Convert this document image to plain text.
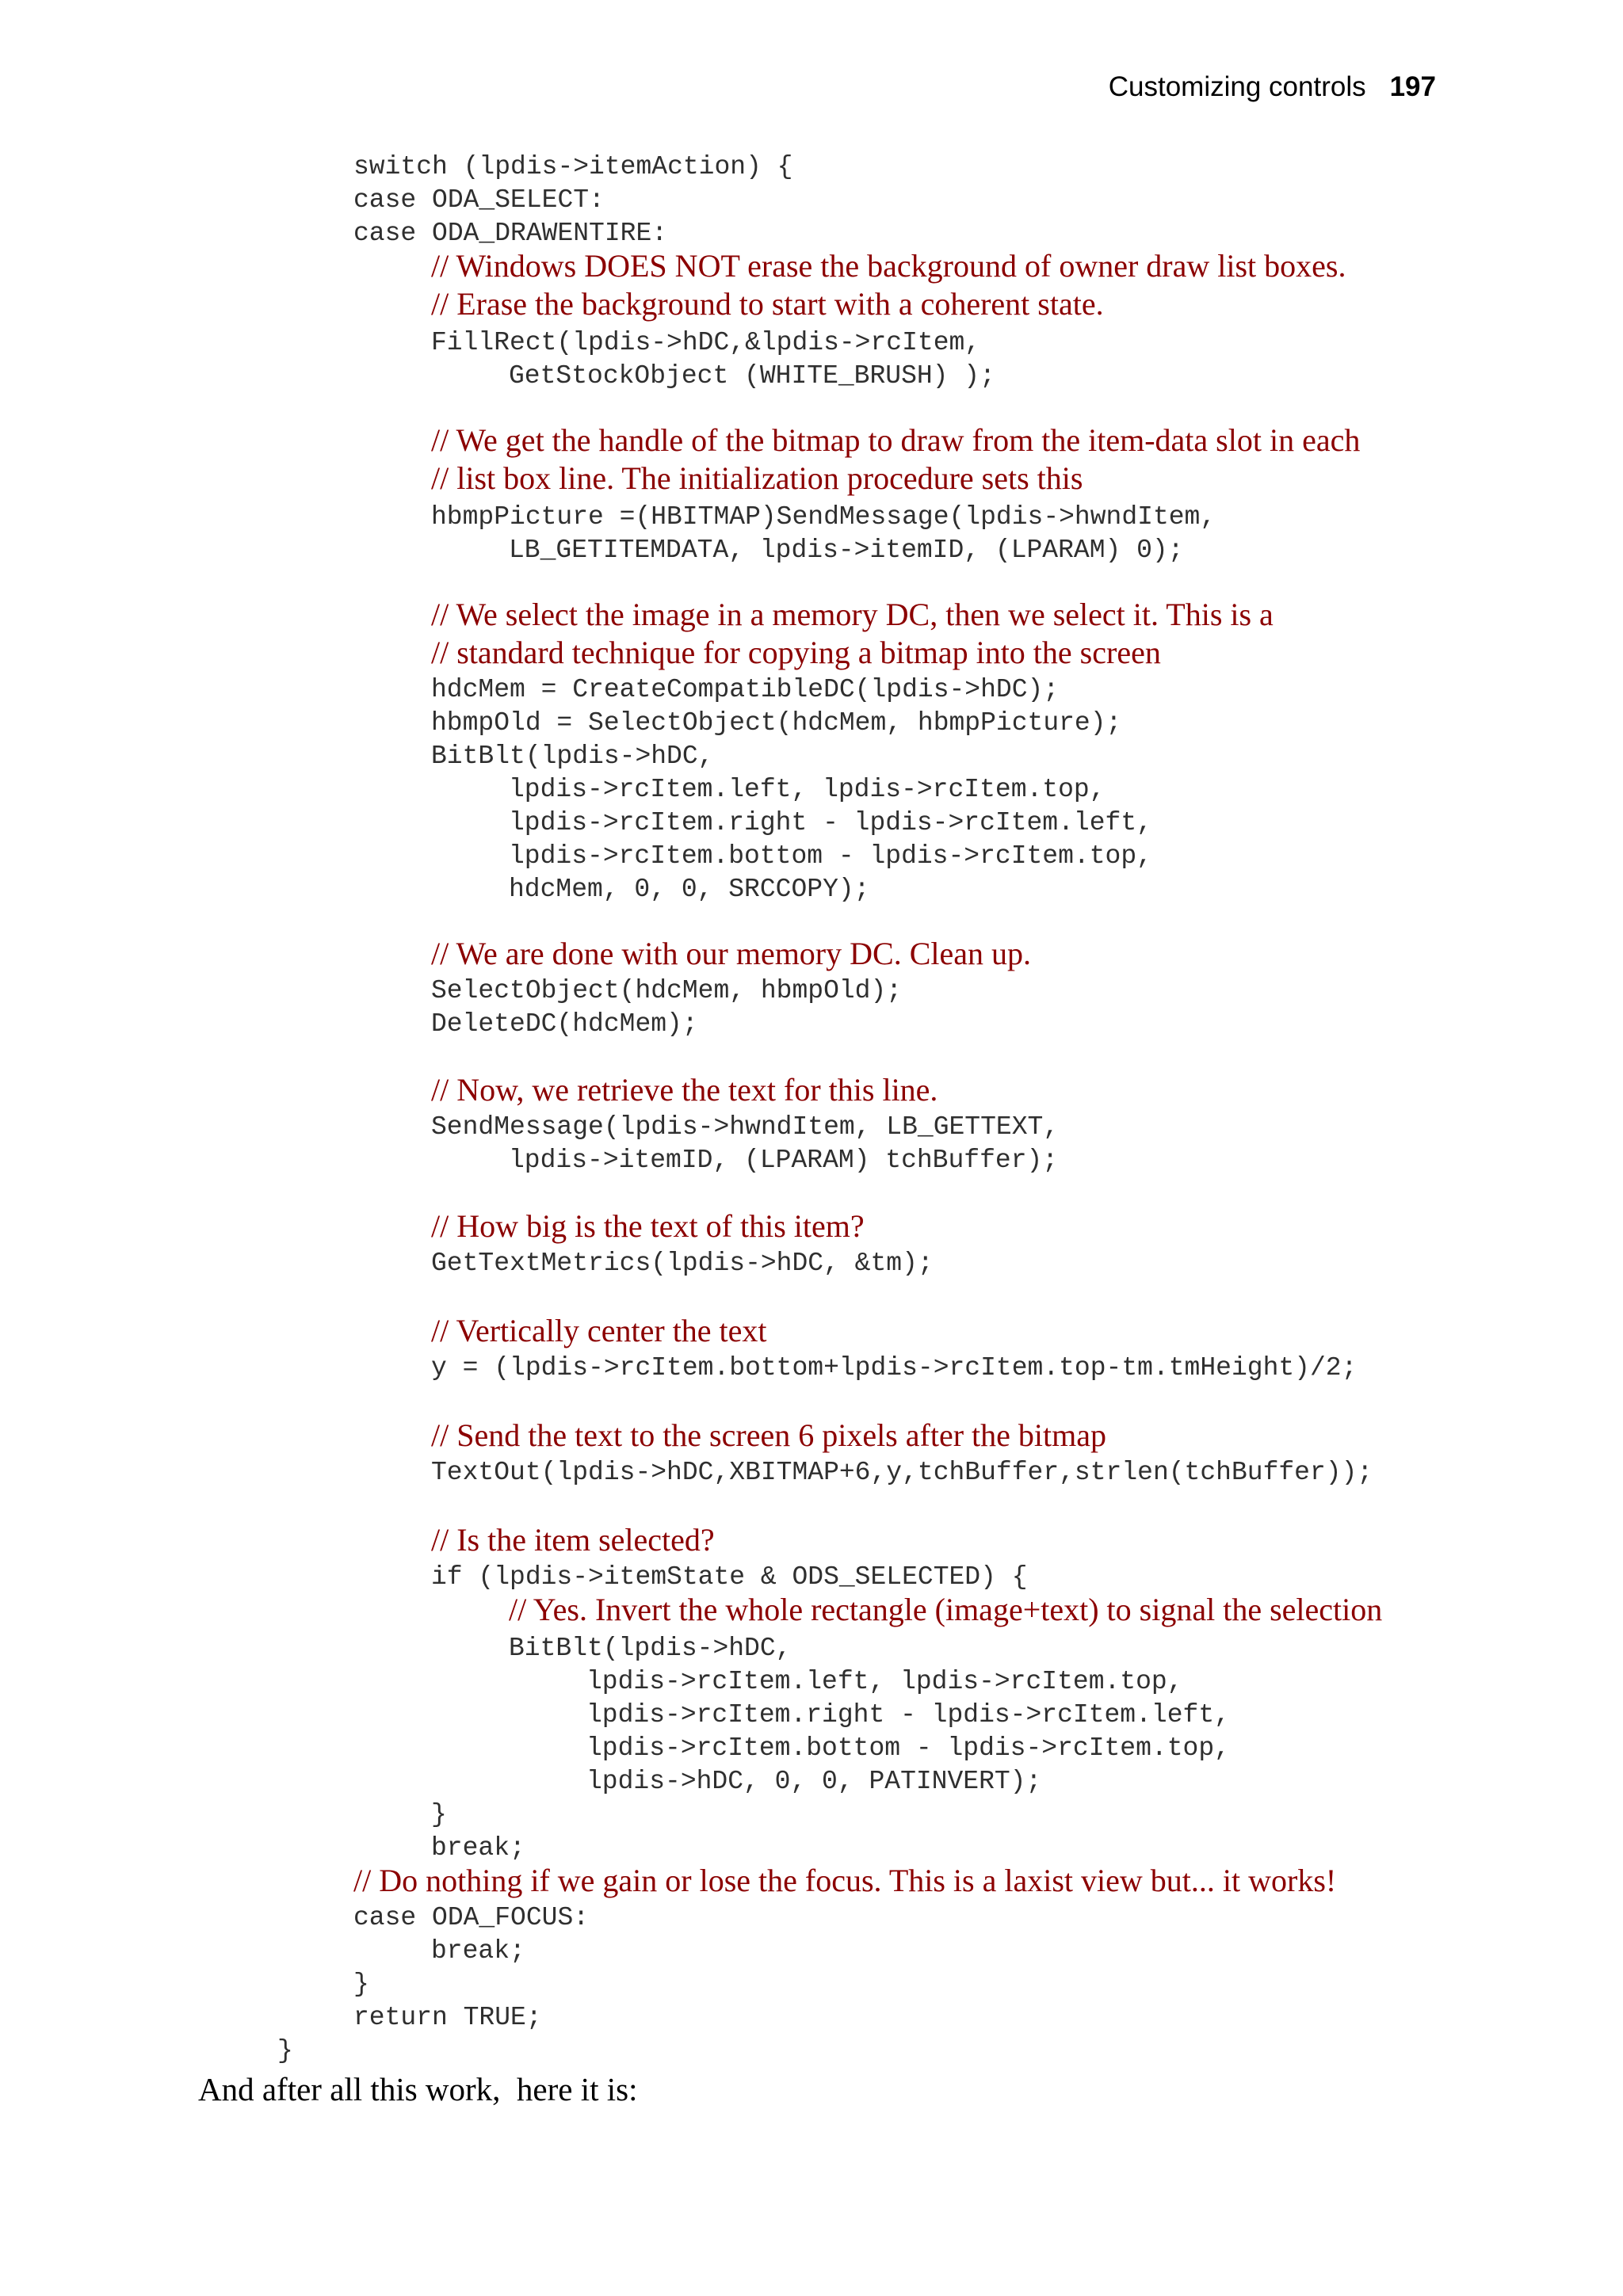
Customizing controls 197
switch (lpdis->itemAction) {
case ODA_SELECT:
case ODA_DRAWENTIRE:
// Windows DOES NOT erase the background of owner draw list boxes.
// Erase the background to start with a coherent state.
FillRect(lpdis->hDC,&lpdis->rcItem,
GetStockObject (WHITE_BRUSH) );
// We get the handle of the bitmap to draw from the item-data slot in each
// list box line. The initialization procedure sets this
hbmpPicture =(HBITMAP)SendMessage(lpdis->hwndItem,
LB_GETITEMDATA, lpdis->itemID, (LPARAM) 0);
// We select the image in a memory DC, then we select it. This is a
// standard technique for copying a bitmap into the screen
hdcMem = CreateCompatibleDC(lpdis->hDC);
hbmpOld = SelectObject(hdcMem, hbmpPicture);
BitBlt(lpdis->hDC,
lpdis->rcItem.left, lpdis->rcItem.top,
lpdis->rcItem.right - lpdis->rcItem.left,
lpdis->rcItem.bottom - lpdis->rcItem.top,
hdcMem, 0, 0, SRCCOPY);
// We are done with our memory DC. Clean up.
SelectObject(hdcMem, hbmpOld);
DeleteDC(hdcMem);
// Now, we retrieve the text for this line.
SendMessage(lpdis->hwndItem, LB_GETTEXT,
lpdis->itemID, (LPARAM) tchBuffer);
// How big is the text of this item?
GetTextMetrics(lpdis->hDC, &tm);
// Vertically center the text
y = (lpdis->rcItem.bottom+lpdis->rcItem.top-tm.tmHeight)/2;
// Send the text to the screen 6 pixels after the bitmap
TextOut(lpdis->hDC,XBITMAP+6,y,tchBuffer,strlen(tchBuffer));
// Is the item selected?
if (lpdis->itemState & ODS_SELECTED) {
// Yes. Invert the whole rectangle (image+text) to signal the selection
BitBlt(lpdis->hDC,
lpdis->rcItem.left, lpdis->rcItem.top,
lpdis->rcItem.right - lpdis->rcItem.left,
lpdis->rcItem.bottom - lpdis->rcItem.top,
lpdis->hDC, 0, 0, PATINVERT);
}
break;
// Do nothing if we gain or lose the focus. This is a laxist view but... it works!
case ODA_FOCUS:
break;
}
return TRUE;
}
And after all this work,  here it is:
